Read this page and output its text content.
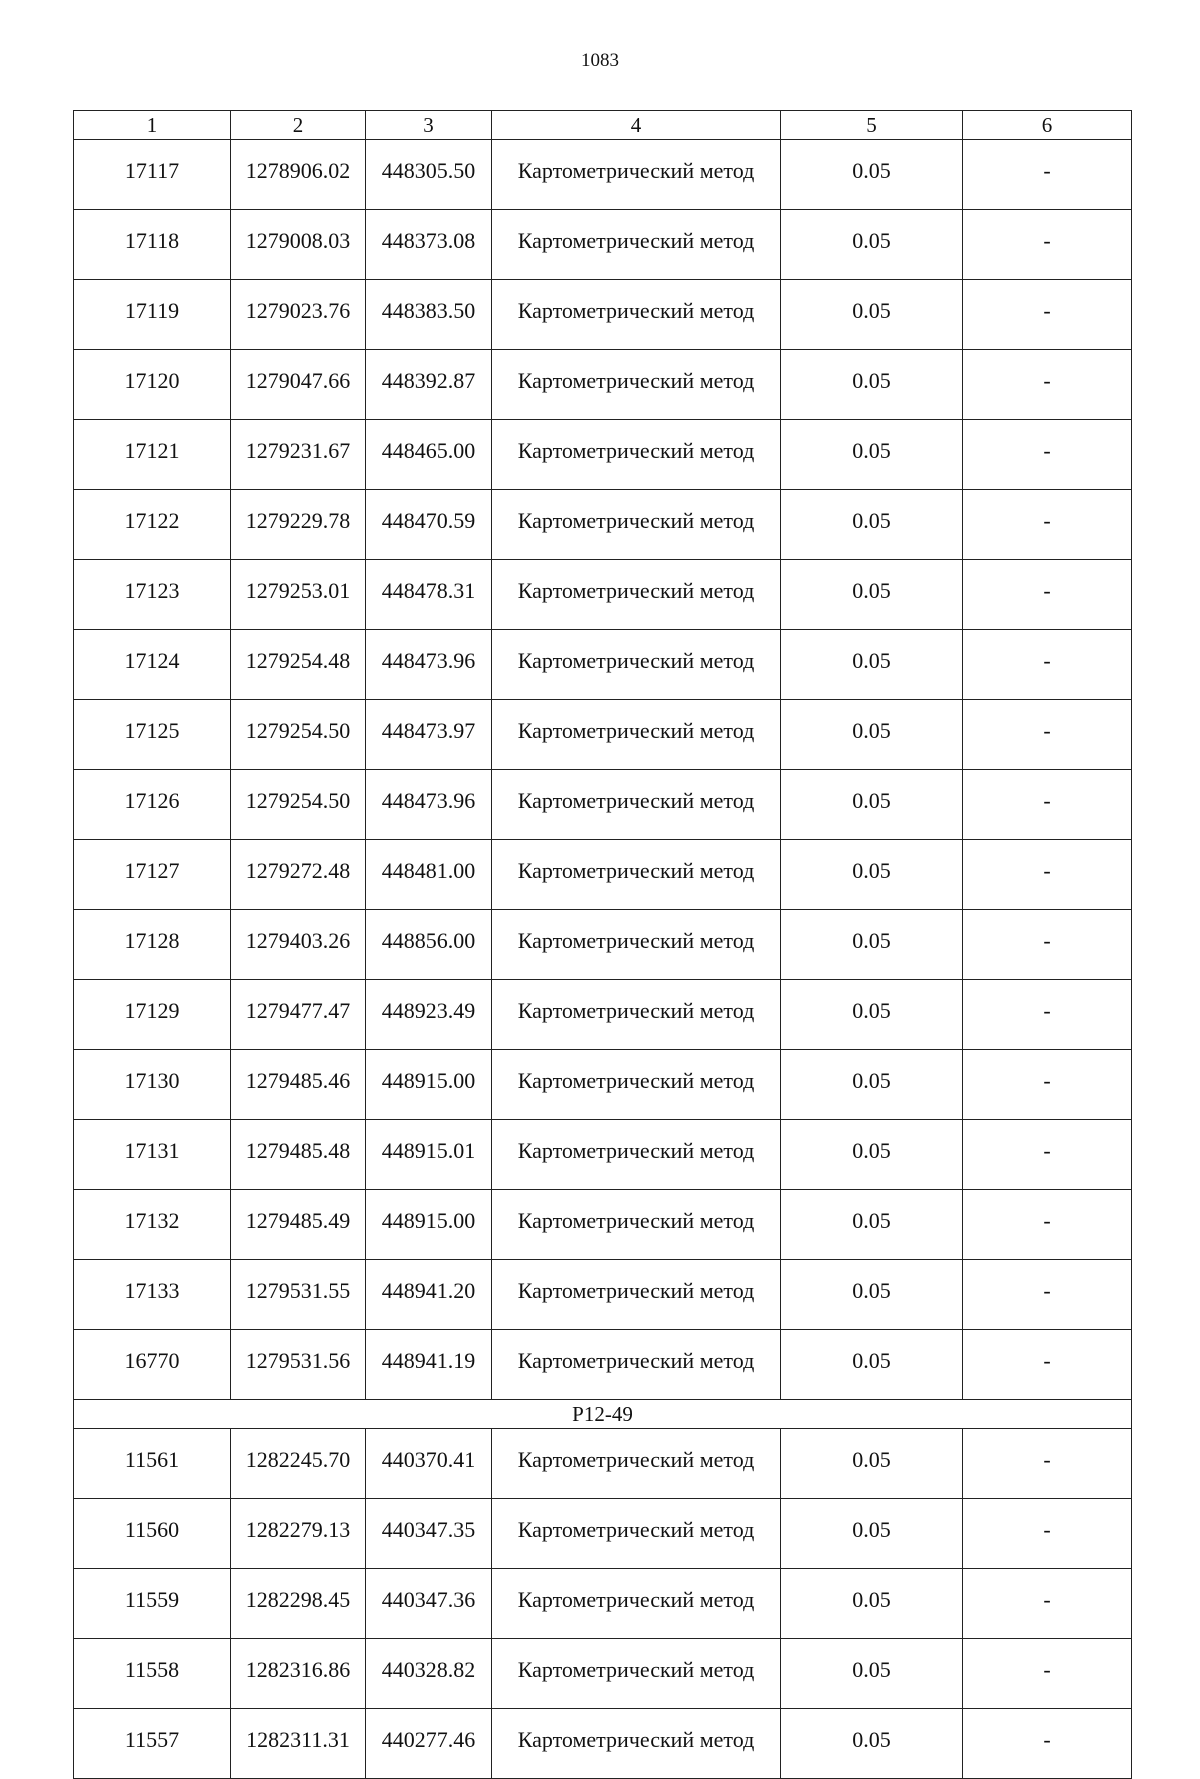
1083
1	2	3	4	5	6
17117	1278906.02	448305.50	Картометрический метод	0.05	-
17118	1279008.03	448373.08	Картометрический метод	0.05	-
17119	1279023.76	448383.50	Картометрический метод	0.05	-
17120	1279047.66	448392.87	Картометрический метод	0.05	-
17121	1279231.67	448465.00	Картометрический метод	0.05	-
17122	1279229.78	448470.59	Картометрический метод	0.05	-
17123	1279253.01	448478.31	Картометрический метод	0.05	-
17124	1279254.48	448473.96	Картометрический метод	0.05	-
17125	1279254.50	448473.97	Картометрический метод	0.05	-
17126	1279254.50	448473.96	Картометрический метод	0.05	-
17127	1279272.48	448481.00	Картометрический метод	0.05	-
17128	1279403.26	448856.00	Картометрический метод	0.05	-
17129	1279477.47	448923.49	Картометрический метод	0.05	-
17130	1279485.46	448915.00	Картометрический метод	0.05	-
17131	1279485.48	448915.01	Картометрический метод	0.05	-
17132	1279485.49	448915.00	Картометрический метод	0.05	-
17133	1279531.55	448941.20	Картометрический метод	0.05	-
16770	1279531.56	448941.19	Картометрический метод	0.05	-
P12-49					
11561	1282245.70	440370.41	Картометрический метод	0.05	-
11560	1282279.13	440347.35	Картометрический метод	0.05	-
11559	1282298.45	440347.36	Картометрический метод	0.05	-
11558	1282316.86	440328.82	Картометрический метод	0.05	-
11557	1282311.31	440277.46	Картометрический метод	0.05	-
